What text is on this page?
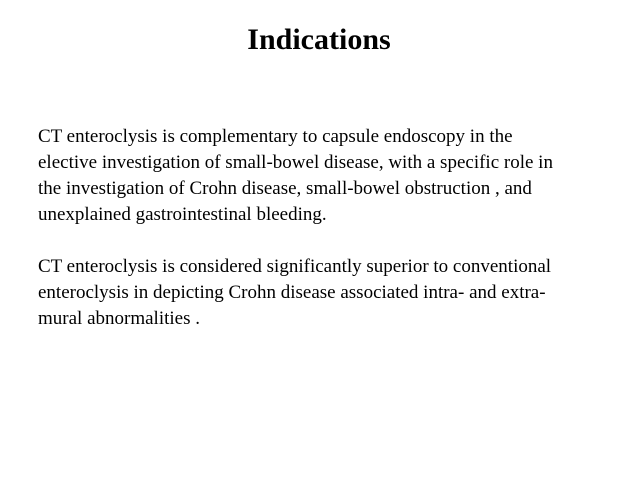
Indications

CT enteroclysis is complementary to capsule endoscopy in the
elective investigation of small-bowel disease, with a specific role in
the investigation of Crohn disease, small-bowel obstruction , and
unexplained gastrointestinal bleeding.

CT enteroclysis is considered significantly superior to conventional
enteroclysis in depicting Crohn disease associated intra- and extra-
mural abnormalities .
